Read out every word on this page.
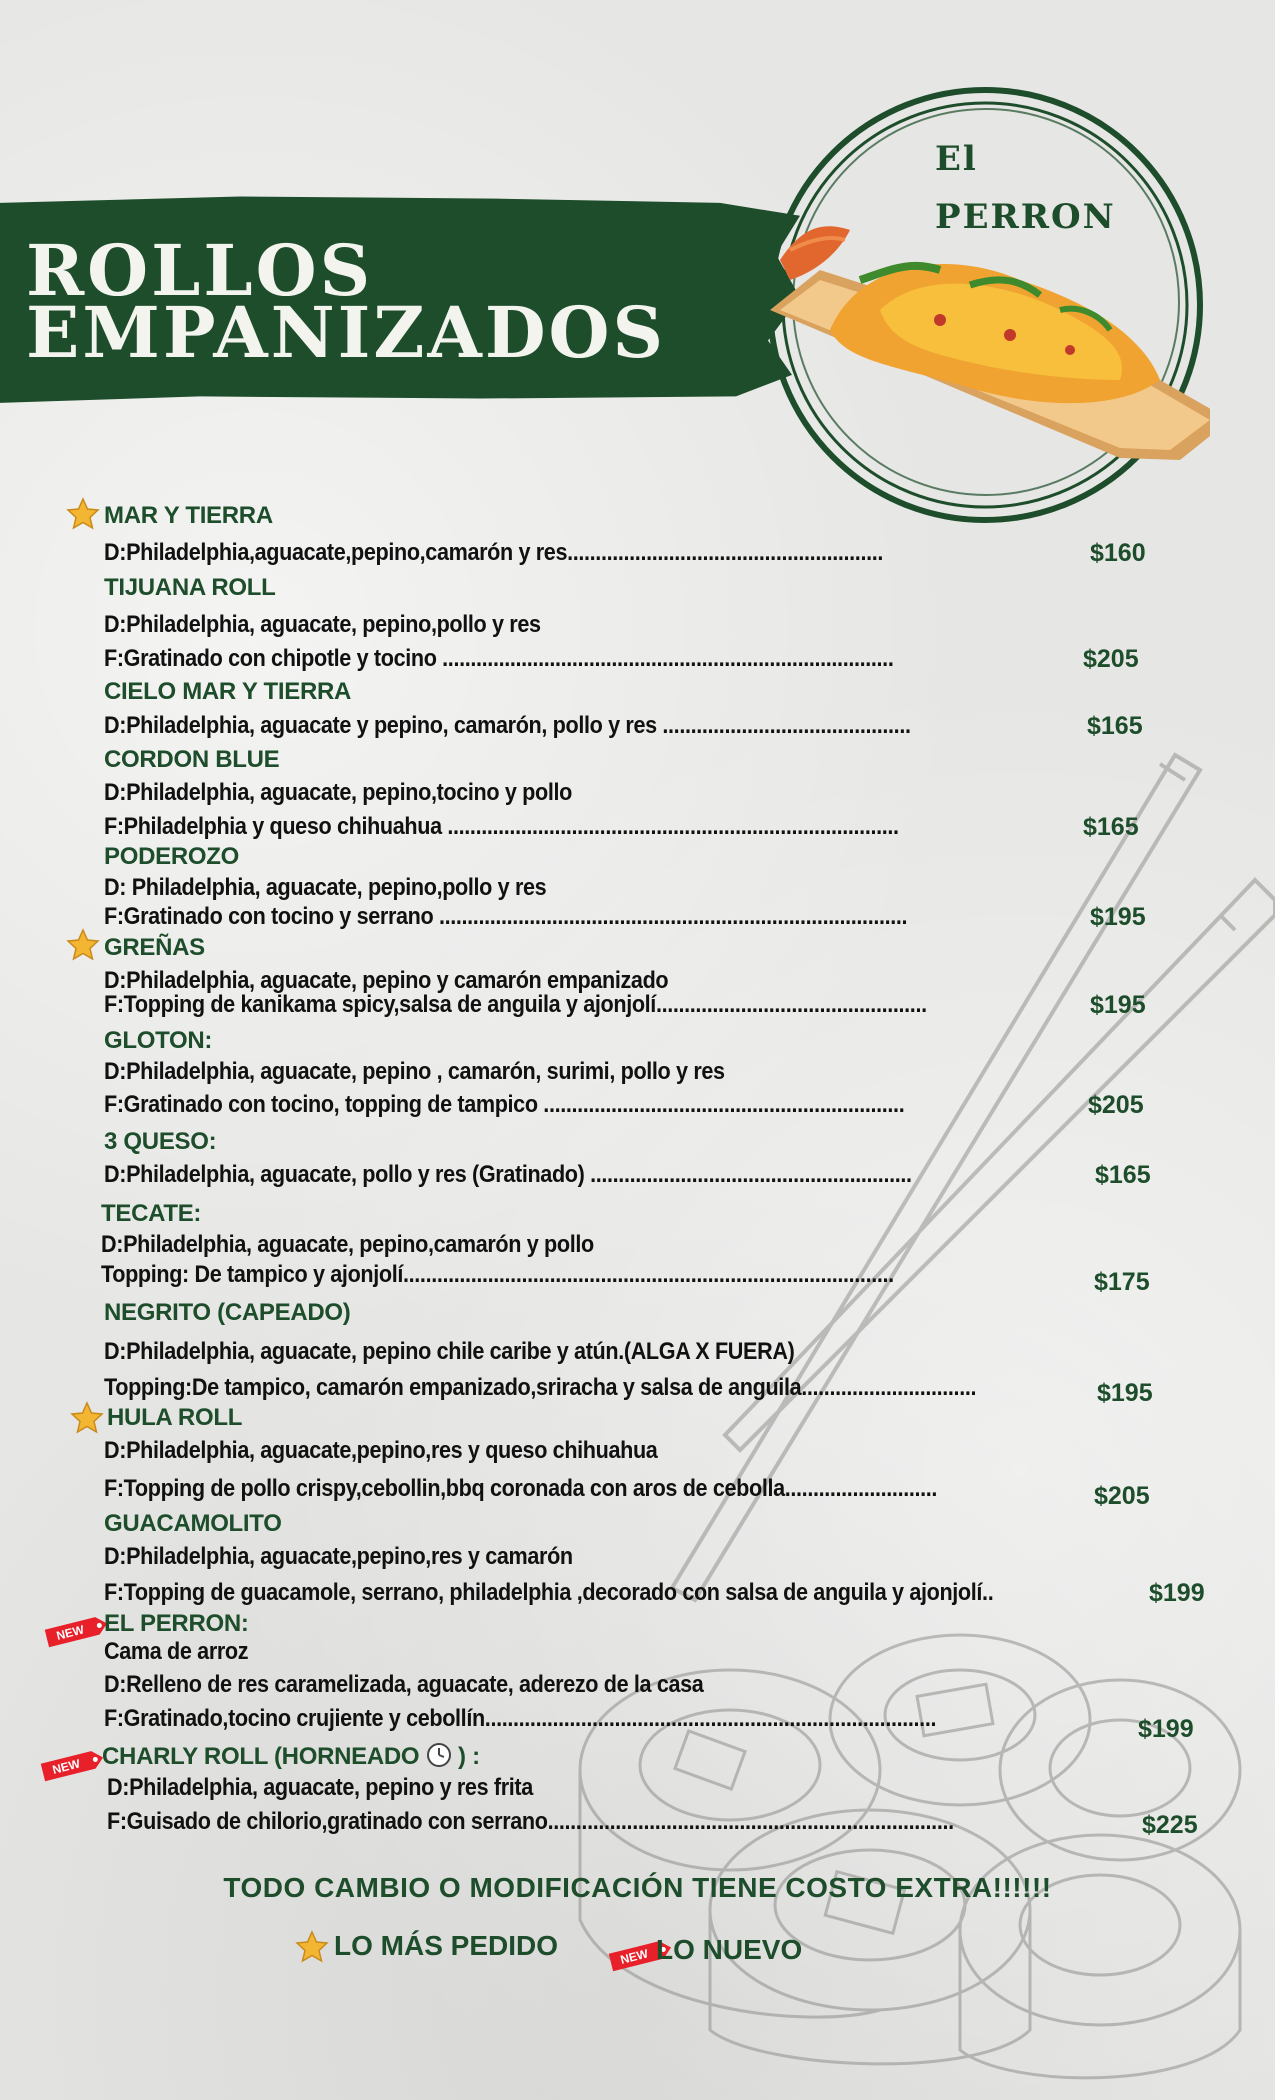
ROLLOS
EMPANIZADOS
El
PERRON

MAR Y TIERRA

D:Philadelphia,aguacate,pepino,camarón y res........................................................	$160

TIJUANA ROLL

D:Philadelphia, aguacate, pepino,pollo y res

F:Gratinado con chipotle y tocino ................................................................................	$205

CIELO MAR Y TIERRA

D:Philadelphia, aguacate y pepino, camarón, pollo y res ............................................	$165

CORDON BLUE

D:Philadelphia, aguacate, pepino,tocino y pollo

F:Philadelphia y queso chihuahua ................................................................................	$165

PODEROZO

D: Philadelphia, aguacate, pepino,pollo y res

F:Gratinado con tocino y serrano ...................................................................................	$195

GREÑAS

D:Philadelphia, aguacate, pepino y camarón empanizado

F:Topping de kanikama spicy,salsa de anguila y ajonjolí................................................	$195

GLOTON:

D:Philadelphia, aguacate, pepino , camarón, surimi, pollo y res

F:Gratinado con tocino, topping de tampico ................................................................	$205

3 QUESO:

D:Philadelphia, aguacate, pollo y res (Gratinado) .........................................................	$165

TECATE:

D:Philadelphia, aguacate, pepino,camarón y pollo

Topping: De tampico y ajonjolí.......................................................................................	$175

NEGRITO (CAPEADO)

D:Philadelphia, aguacate, pepino chile caribe y atún.(ALGA X FUERA)

Topping:De tampico, camarón empanizado,sriracha y salsa de anguila...............................	$195

HULA ROLL

D:Philadelphia, aguacate,pepino,res y queso chihuahua

F:Topping de pollo crispy,cebollin,bbq coronada con aros de cebolla...........................	$205

GUACAMOLITO

D:Philadelphia, aguacate,pepino,res y camarón

F:Topping de guacamole, serrano, philadelphia ,decorado con salsa de anguila y ajonjolí..	$199

NEW EL PERRON:

Cama de arroz

D:Relleno de res caramelizada, aguacate, aderezo de la casa

F:Gratinado,tocino crujiente y cebollín................................................................................	$199

NEW CHARLY ROLL (HORNEADO  ) :

D:Philadelphia, aguacate, pepino y res frita

F:Guisado de chilorio,gratinado con serrano........................................................................	$225

TODO CAMBIO O MODIFICACIÓN TIENE COSTO EXTRA!!!!!!
LO MÁS PEDIDO	NEW LO NUEVO
